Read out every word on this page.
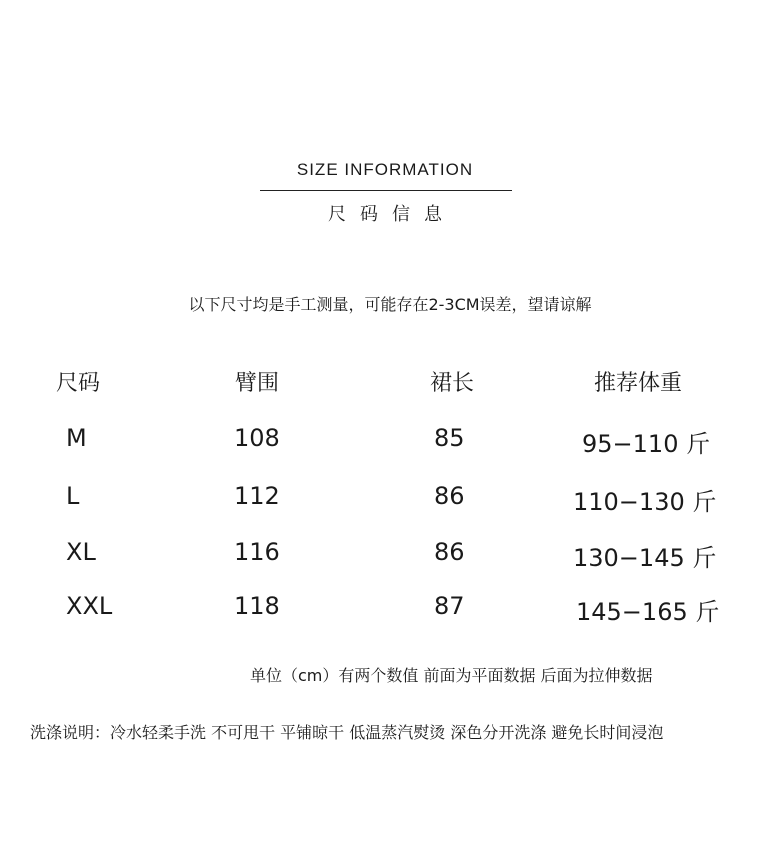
SIZE INFORMATION
尺码信息
以下尺寸均是手工测量，可能存在2-3CM误差，望请谅解
尺码	臂围	裙长	推荐体重
M	108	85	95−110 斤
L	112	86	110−130 斤
XL	116	86	130−145 斤
XXL	118	87	145−165 斤
单位（cm）有两个数值 前面为平面数据 后面为拉伸数据
洗涤说明：冷水轻柔手洗 不可甩干 平铺晾干 低温蒸汽熨烫 深色分开洗涤 避免长时间浸泡
